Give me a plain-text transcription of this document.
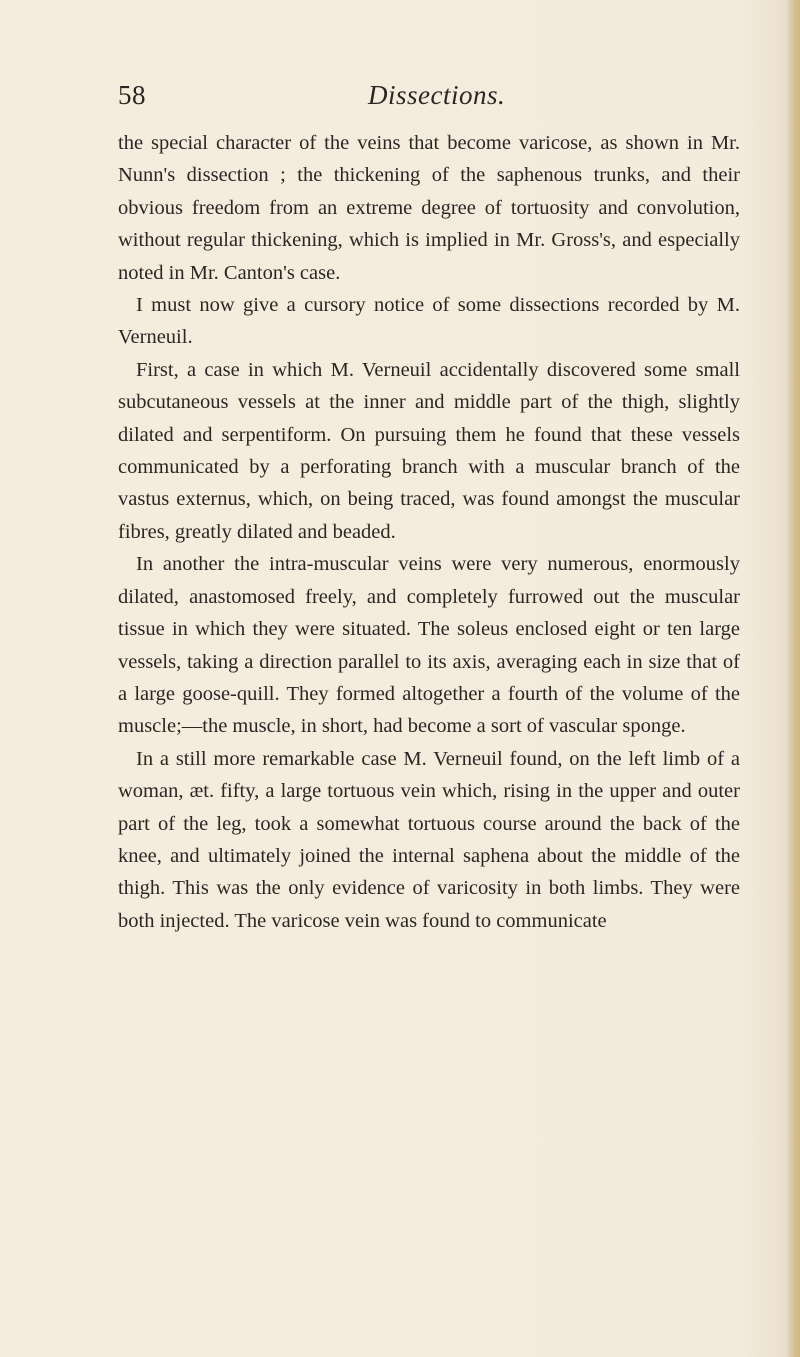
58	Dissections.

the special character of the veins that become varicose, as shown in Mr. Nunn's dissection ; the thickening of the saphenous trunks, and their obvious freedom from an extreme degree of tortuosity and convolution, without regular thickening, which is implied in Mr. Gross's, and especially noted in Mr. Canton's case.

I must now give a cursory notice of some dissections recorded by M. Verneuil.

First, a case in which M. Verneuil accidentally discovered some small subcutaneous vessels at the inner and middle part of the thigh, slightly dilated and serpentiform. On pursuing them he found that these vessels communicated by a perforating branch with a muscular branch of the vastus externus, which, on being traced, was found amongst the muscular fibres, greatly dilated and beaded.

In another the intra-muscular veins were very numerous, enormously dilated, anastomosed freely, and completely furrowed out the muscular tissue in which they were situated. The soleus enclosed eight or ten large vessels, taking a direction parallel to its axis, averaging each in size that of a large goose-quill. They formed altogether a fourth of the volume of the muscle;—the muscle, in short, had become a sort of vascular sponge.

In a still more remarkable case M. Verneuil found, on the left limb of a woman, æt. fifty, a large tortuous vein which, rising in the upper and outer part of the leg, took a somewhat tortuous course around the back of the knee, and ultimately joined the internal saphena about the middle of the thigh. This was the only evidence of varicosity in both limbs. They were both injected. The varicose vein was found to communicate
